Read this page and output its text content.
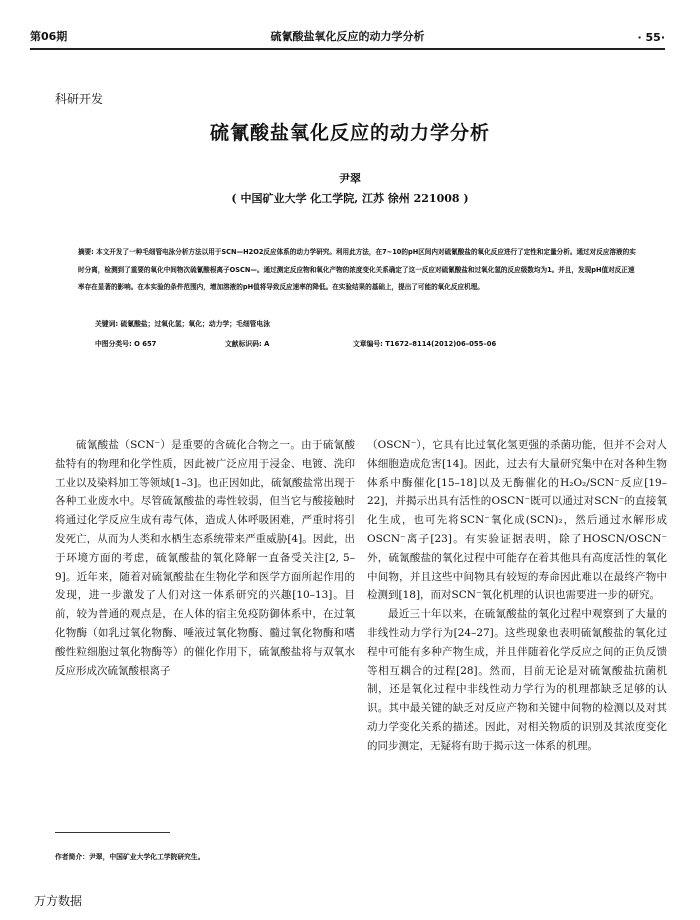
第06期	硫氰酸盐氧化反应的动力学分析	· 55·
科研开发
硫氰酸盐氧化反应的动力学分析
尹翠
( 中国矿业大学 化工学院, 江苏 徐州 221008 )
摘要: 本文开发了一种毛细管电泳分析方法以用于SCN—H2O2反应体系的动力学研究。利用此方法，在7~10的pH区间内对硫氰酸盐的氧化反应进行了定性和定量分析。通过对反应溶液的实时分离，检测到了重要的氧化中间物次硫氰酸根离子OSCN—。通过测定反应物和氧化产物的浓度变化关系确定了这一反应对硫氰酸盐和过氧化氢的反应级数均为1。并且，发现pH值对反正速率存在显著的影响。在本实验的条件范围内，增加溶液的pH值将导致反应速率的降低。在实验结果的基础上，提出了可能的氧化反应机理。
关键词: 硫氰酸盐；过氧化氢；氧化；动力学；毛细管电泳
中图分类号: O 657	文献标识码: A	文章编号: T1672–8114(2012)06–055–06

硫氰酸盐（SCN⁻）是重要的含硫化合物之一。由于硫氰酸盐特有的物理和化学性质，因此被广泛应用于浸金、电镀、洗印工业以及染料加工等领域[1–3]。也正因如此，硫氰酸盐常出现于各种工业废水中。尽管硫氰酸盐的毒性较弱，但当它与酸接触时将通过化学反应生成有毒气体，造成人体呼吸困难，严重时将引发死亡，从而为人类和水栖生态系统带来严重威胁[4]。因此，出于环境方面的考虑，硫氰酸盐的氧化降解一直备受关注[2, 5–9]。近年来，随着对硫氰酸盐在生物化学和医学方面所起作用的发现，进一步激发了人们对这一体系研究的兴趣[10–13]。目前，较为普通的观点是，在人体的宿主免疫防御体系中，在过氧化物酶（如乳过氧化物酶、唾液过氧化物酶、髓过氧化物酶和嗜酸性粒细胞过氧化物酶等）的催化作用下，硫氰酸盐将与双氧水反应形成次硫氰酸根离子

（OSCN⁻），它具有比过氧化氢更强的杀菌功能，但并不会对人体细胞造成危害[14]。因此，过去有大量研究集中在对各种生物体系中酶催化[15–18]以及无酶催化的H₂O₂/SCN⁻反应[19–22]，并揭示出具有活性的OSCN⁻既可以通过对SCN⁻的直接氧化生成，也可先将SCN⁻氧化成(SCN)₂，然后通过水解形成OSCN⁻离子[23]。有实验证据表明，除了HOSCN/OSCN⁻外，硫氰酸盐的氧化过程中可能存在着其他具有高度活性的氧化中间物，并且这些中间物具有较短的寿命因此难以在最终产物中检测到[18]，而对SCN⁻氧化机理的认识也需要进一步的研究。

最近三十年以来，在硫氰酸盐的氧化过程中观察到了大量的非线性动力学行为[24–27]。这些现象也表明硫氰酸盐的氧化过程中可能有多种产物生成，并且伴随着化学反应之间的正负反馈等相互耦合的过程[28]。然而，目前无论是对硫氰酸盐抗菌机制，还是氧化过程中非线性动力学行为的机理都缺乏足够的认识。其中最关键的缺乏对反应产物和关键中间物的检测以及对其动力学变化关系的描述。因此，对相关物质的识别及其浓度变化的同步测定，无疑将有助于揭示这一体系的机理。

作者简介：尹翠，中国矿业大学化工学院研究生。
万方数据
